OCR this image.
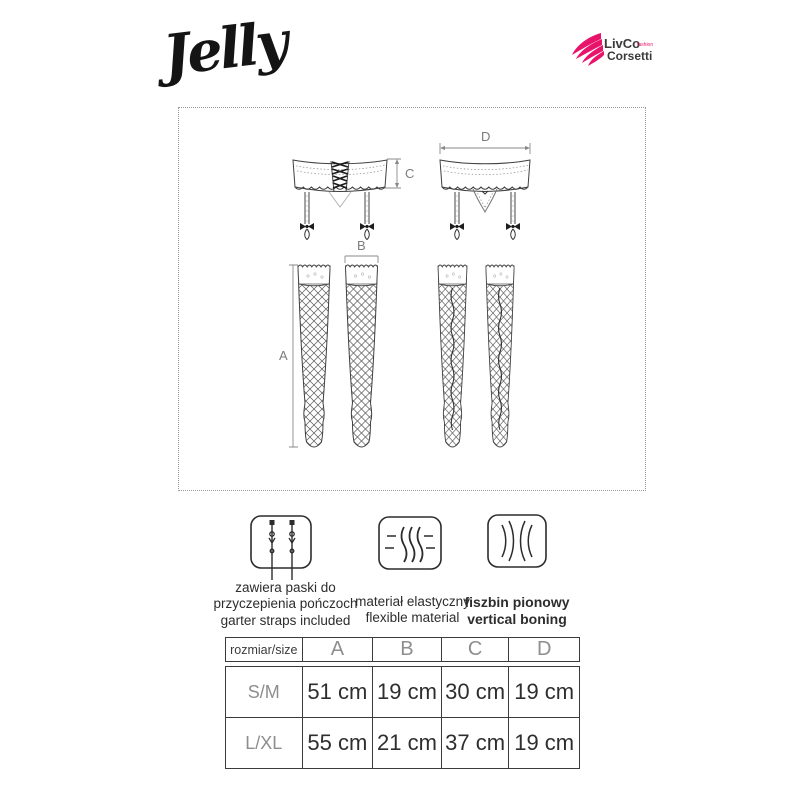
Jelly	LivCo
fashion
Corsetti
C
D
A
B
zawiera paski do
przyczepienia pończoch
garter straps included
materiał elastyczny
flexible material
fiszbin pionowy
vertical boning
rozmiar/size	A	B	C	D
S/M	51 cm 19 cm 30 cm 19 cm
L/XL	55 cm 21 cm 37 cm 19 cm
